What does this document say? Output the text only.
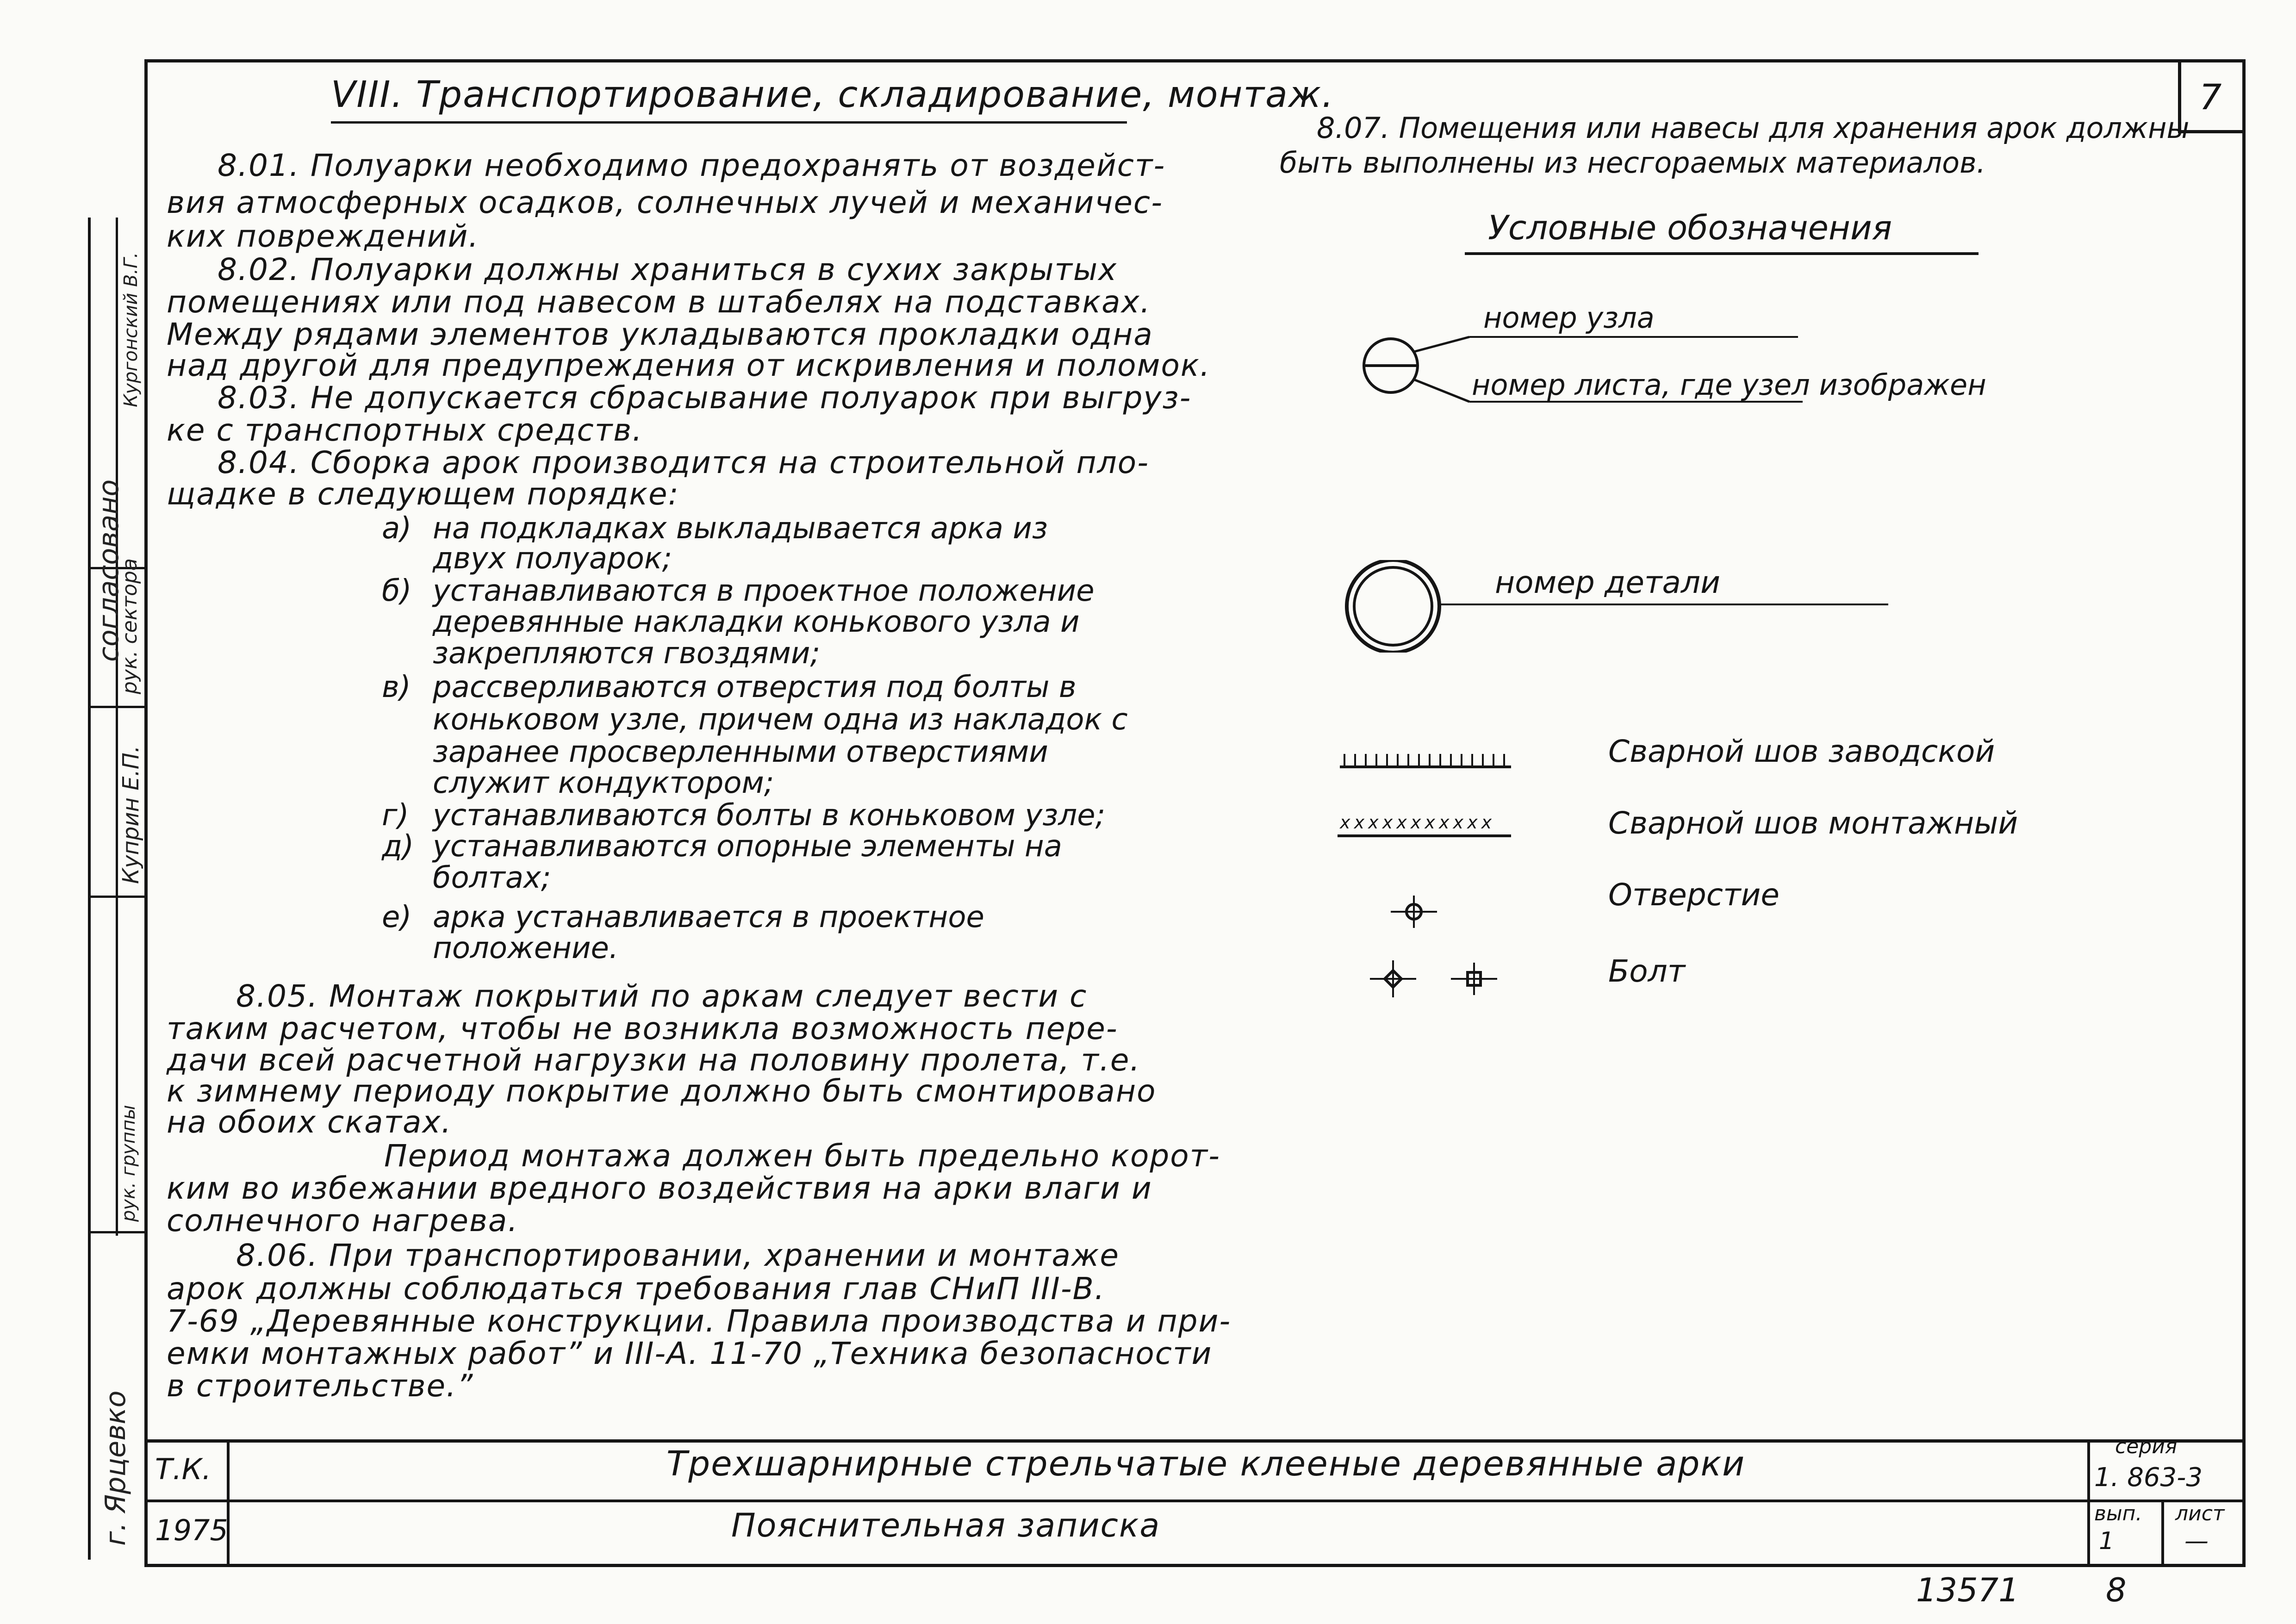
7
согласовано
рук. сектора
Кургонский В.Г.
Куприн Е.П.
рук. группы
г. Ярцевко
VIII. Транспортирование, складирование, монтаж.
8.01. Полуарки необходимо предохранять от воздейст-
вия атмосферных осадков, солнечных лучей и механичес-
ких повреждений.
8.02. Полуарки должны храниться в сухих закрытых
помещениях или под навесом в штабелях на подставках.
Между рядами элементов укладываются прокладки одна
над другой для предупреждения от искривления и поломок.
8.03. Не допускается сбрасывание полуарок при выгруз-
ке с транспортных средств.
8.04. Сборка арок производится на строительной пло-
щадке в следующем порядке:
а) на подкладках выкладывается арка из
двух полуарок;
б) устанавливаются в проектное положение
деревянные накладки конькового узла и
закрепляются гвоздями;
в) рассверливаются отверстия под болты в
коньковом узле, причем одна из накладок с
заранее просверленными отверстиями
служит кондуктором;
г) устанавливаются болты в коньковом узле;
д) устанавливаются опорные элементы на
болтах;
е) арка устанавливается в проектное
положение.
8.05. Монтаж покрытий по аркам следует вести с
таким расчетом, чтобы не возникла возможность пере-
дачи всей расчетной нагрузки на половину пролета, т.е.
к зимнему периоду покрытие должно быть смонтировано
на обоих скатах.
Период монтажа должен быть предельно корот-
ким во избежании вредного воздействия на арки влаги и
солнечного нагрева.
8.06. При транспортировании, хранении и монтаже
арок должны соблюдаться требования глав СНиП III-В.
7-69 „Деревянные конструкции. Правила производства и при-
емки монтажных работ” и III-А. 11-70 „Техника безопасности
в строительстве.”
8.07. Помещения или навесы для хранения арок должны
быть выполнены из несгораемых материалов.
Условные обозначения
номер узла
номер листа, где узел изображен
номер детали
Сварной шов заводской
x x x x x x x x x x x	Сварной шов монтажный
Отверстие
Болт
Т.К.
1975
Трехшарнирные стрельчатые клееные деревянные арки
Пояснительная записка
серия
1. 863-3
вып.
1
лист
—
13571	8
